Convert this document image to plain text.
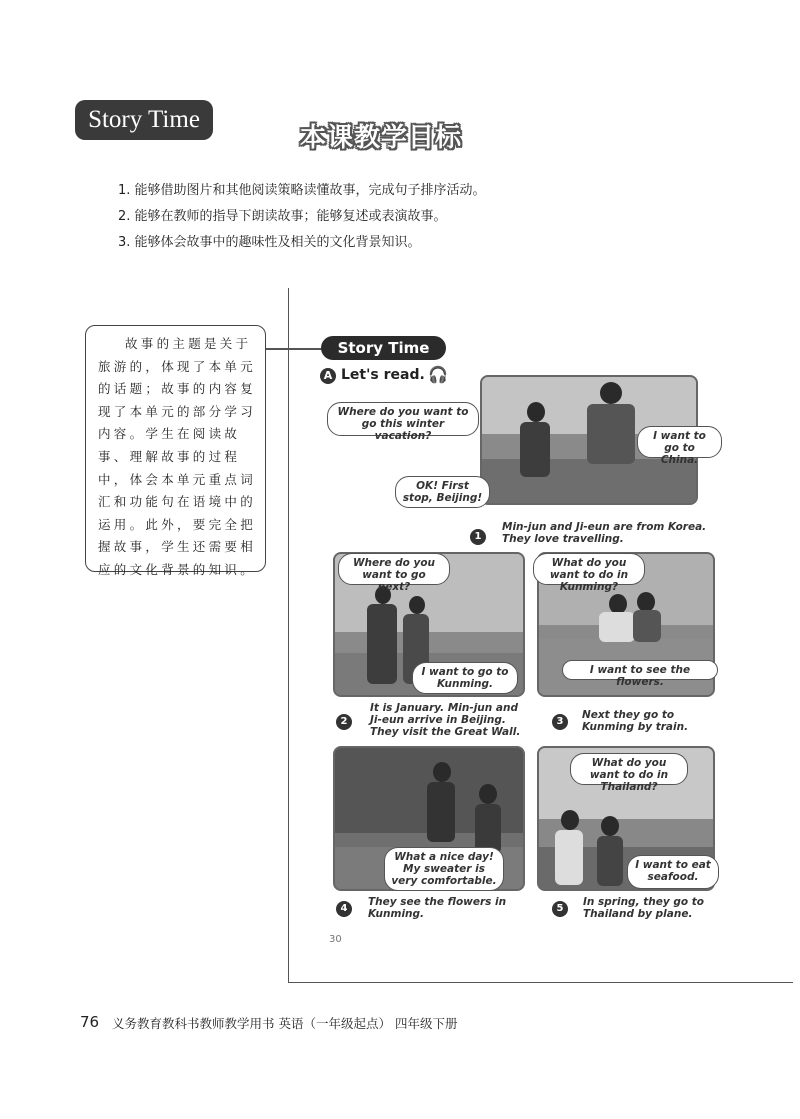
Story Time
本课教学目标
1. 能够借助图片和其他阅读策略读懂故事，完成句子排序活动。
2. 能够在教师的指导下朗读故事；能够复述或表演故事。
3. 能够体会故事中的趣味性及相关的文化背景知识。
故事的主题是关于旅游的，体现了本单元的话题；故事的内容复现了本单元的部分学习内容。学生在阅读故事、理解故事的过程中，体会本单元重点词汇和功能句在语境中的运用。此外，要完全把握故事，学生还需要相应的文化背景的知识。
Story Time
A Let's read. 🎧
Where do you want to go this winter vacation?	I want to go to China.
OK! First stop, Beijing!
1
Min-jun and Ji-eun are from Korea. They love travelling.
Where do you want to go next?
I want to go to Kunming.
2
It is January. Min-jun and Ji-eun arrive in Beijing. They visit the Great Wall.
What do you want to do in Kunming?
I want to see the flowers.
3
Next they go to Kunming by train.
What a nice day! My sweater is very comfortable.
4
They see the flowers in Kunming.
What do you want to do in Thailand?
I want to eat seafood.
5
In spring, they go to Thailand by plane.
30
76 义务教育教科书教师教学用书 英语（一年级起点） 四年级下册
